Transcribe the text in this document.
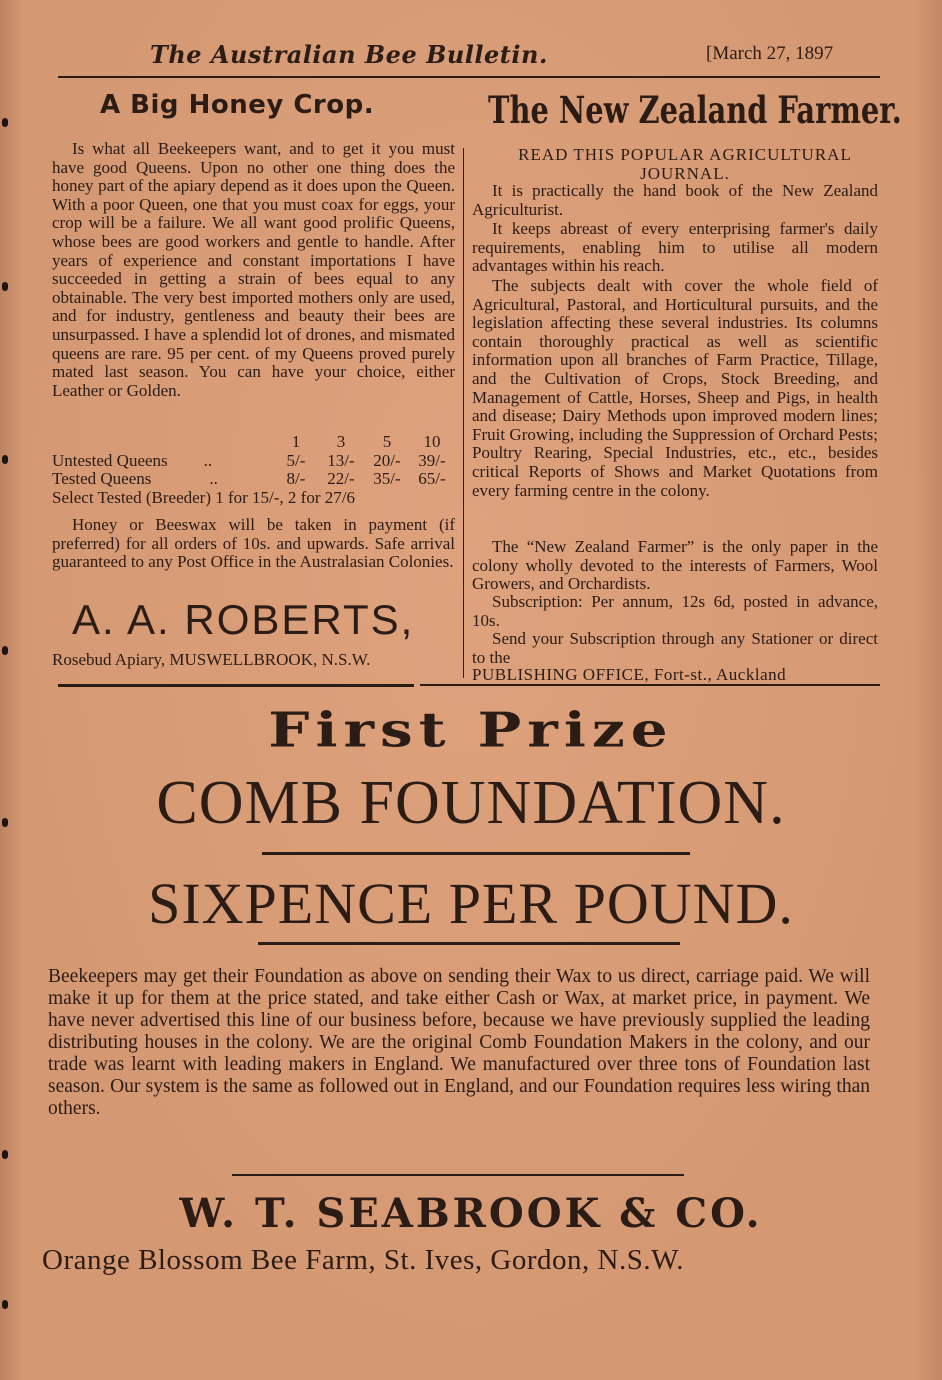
The Australian Bee Bulletin.	[March 27, 1897
A Big Honey Crop.
Is what all Beekeepers want, and to get it you must have good Queens. Upon no other one thing does the honey part of the apiary depend as it does upon the Queen. With a poor Queen, one that you must coax for eggs, your crop will be a failure. We all want good prolific Queens, whose bees are good workers and gentle to handle. After years of experience and constant importations I have succeeded in getting a strain of bees equal to any obtainable. The very best imported mothers only are used, and for industry, gentleness and beauty their bees are unsurpassed. I have a splendid lot of drones, and mismated queens are rare. 95 per cent. of my Queens proved purely mated last season. You can have your choice, either Leather or Golden.
	1	3	5	10
Untested Queens ..	5/-	13/-	20/-	39/-
Tested Queens ..	8/-	22/-	35/-	65/-
Select Tested (Breeder) 1 for 15/-, 2 for 27/6
Honey or Beeswax will be taken in payment (if preferred) for all orders of 10s. and upwards. Safe arrival guaranteed to any Post Office in the Australasian Colonies.
A. A. ROBERTS,
Rosebud Apiary, MUSWELLBROOK, N.S.W.
The New Zealand Farmer.
READ THIS POPULAR AGRICULTURAL JOURNAL.
It is practically the hand book of the New Zealand Agriculturist.
It keeps abreast of every enterprising farmer's daily requirements, enabling him to utilise all modern advantages within his reach.
The subjects dealt with cover the whole field of Agricultural, Pastoral, and Horticultural pursuits, and the legislation affecting these several industries. Its columns contain thoroughly practical as well as scientific information upon all branches of Farm Practice, Tillage, and the Cultivation of Crops, Stock Breeding, and Management of Cattle, Horses, Sheep and Pigs, in health and disease; Dairy Methods upon improved modern lines; Fruit Growing, including the Suppression of Orchard Pests; Poultry Rearing, Special Industries, etc., etc., besides critical Reports of Shows and Market Quotations from every farming centre in the colony.
The “New Zealand Farmer” is the only paper in the colony wholly devoted to the interests of Farmers, Wool Growers, and Orchardists.
Subscription: Per annum, 12s 6d, posted in advance, 10s.
Send your Subscription through any Stationer or direct to the
PUBLISHING OFFICE, Fort-st., Auckland
First Prize
COMB FOUNDATION.
SIXPENCE PER POUND.
Beekeepers may get their Foundation as above on sending their Wax to us direct, carriage paid. We will make it up for them at the price stated, and take either Cash or Wax, at market price, in payment. We have never advertised this line of our business before, because we have previously supplied the leading distributing houses in the colony. We are the original Comb Foundation Makers in the colony, and our trade was learnt with leading makers in England. We manufactured over three tons of Foundation last season. Our system is the same as followed out in England, and our Foundation requires less wiring than others.
W. T. SEABROOK & CO.
Orange Blossom Bee Farm, St. Ives, Gordon, N.S.W.
